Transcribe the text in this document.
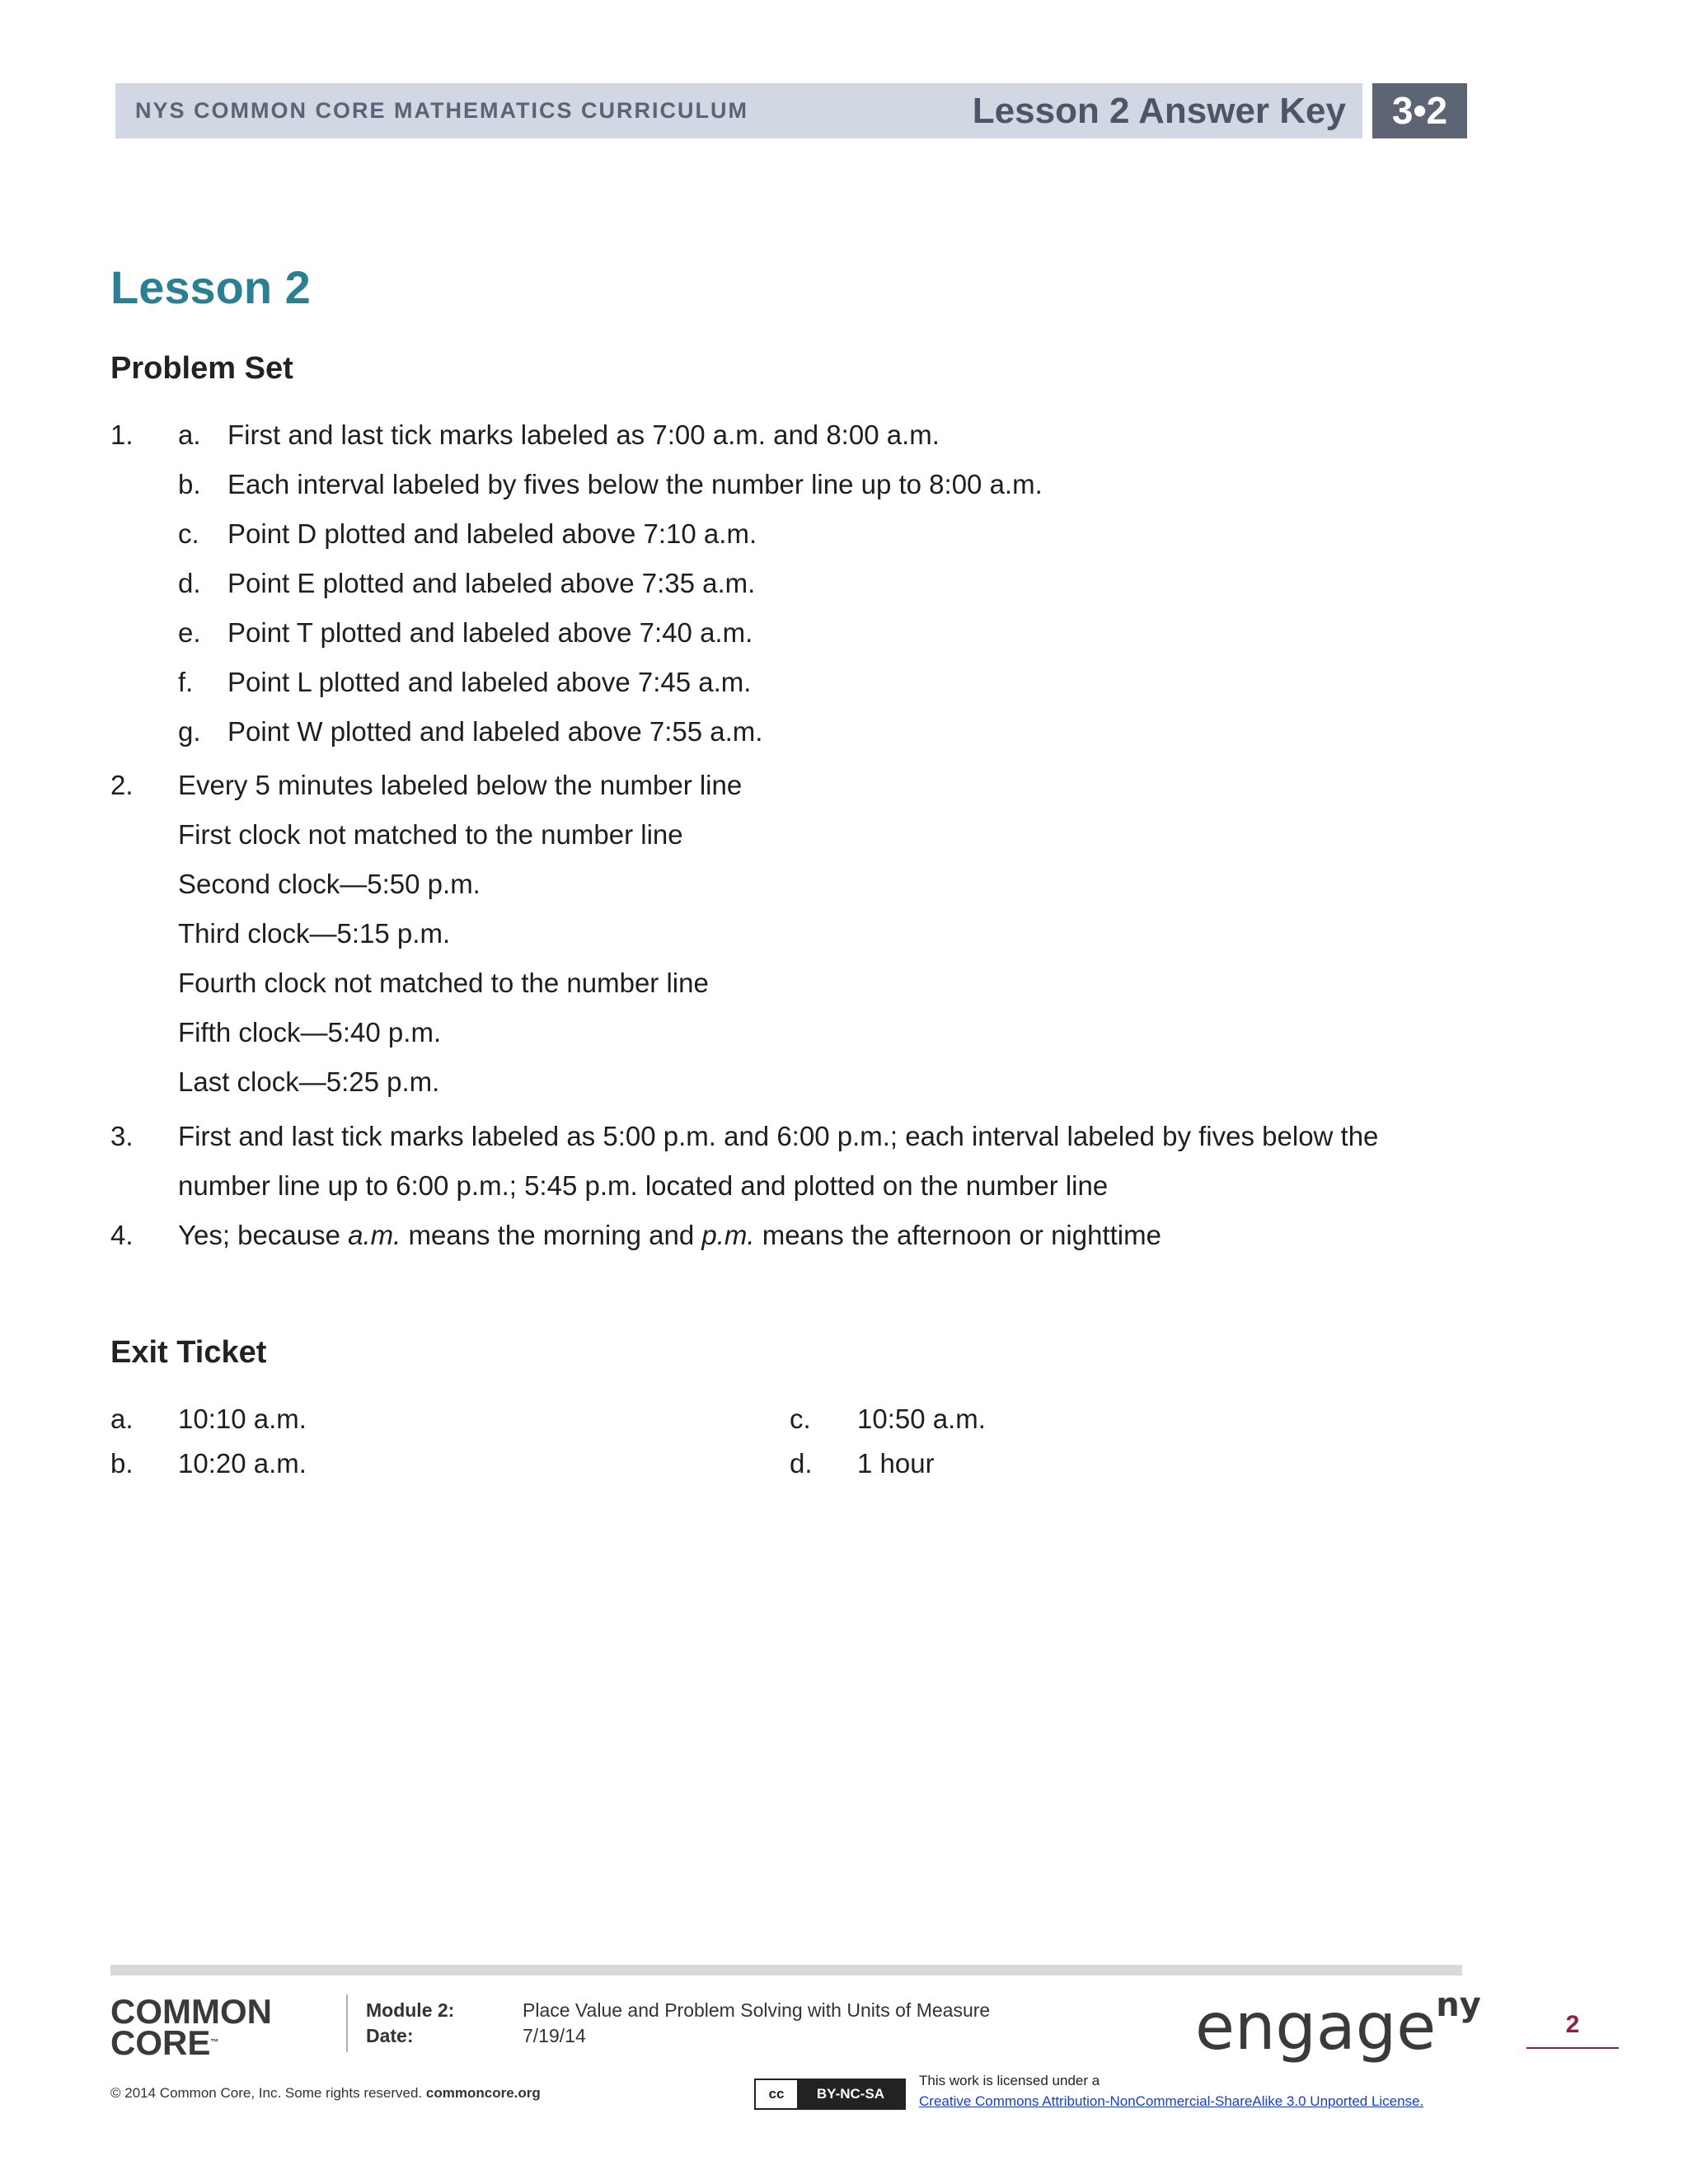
NYS COMMON CORE MATHEMATICS CURRICULUM	Lesson 2 Answer Key	3•2
Lesson 2
Problem Set
1. a. First and last tick marks labeled as 7:00 a.m. and 8:00 a.m.
b. Each interval labeled by fives below the number line up to 8:00 a.m.
c. Point D plotted and labeled above 7:10 a.m.
d. Point E plotted and labeled above 7:35 a.m.
e. Point T plotted and labeled above 7:40 a.m.
f. Point L plotted and labeled above 7:45 a.m.
g. Point W plotted and labeled above 7:55 a.m.
2. Every 5 minutes labeled below the number line
First clock not matched to the number line
Second clock—5:50 p.m.
Third clock—5:15 p.m.
Fourth clock not matched to the number line
Fifth clock—5:40 p.m.
Last clock—5:25 p.m.
3. First and last tick marks labeled as 5:00 p.m. and 6:00 p.m.; each interval labeled by fives below the
number line up to 6:00 p.m.; 5:45 p.m. located and plotted on the number line
4. Yes; because a.m. means the morning and p.m. means the afternoon or nighttime
Exit Ticket
a. 10:10 a.m.
b. 10:20 a.m.
c. 10:50 a.m.
d. 1 hour
COMMON
CORE™
Module 2:	Place Value and Problem Solving with Units of Measure
Date:	7/19/14	engage$^{ny}$
2
© 2014 Common Core, Inc. Some rights reserved. commoncore.org	cc	BY-NC-SA
This work is licensed under a
Creative Commons Attribution-NonCommercial-ShareAlike 3.0 Unported License.
